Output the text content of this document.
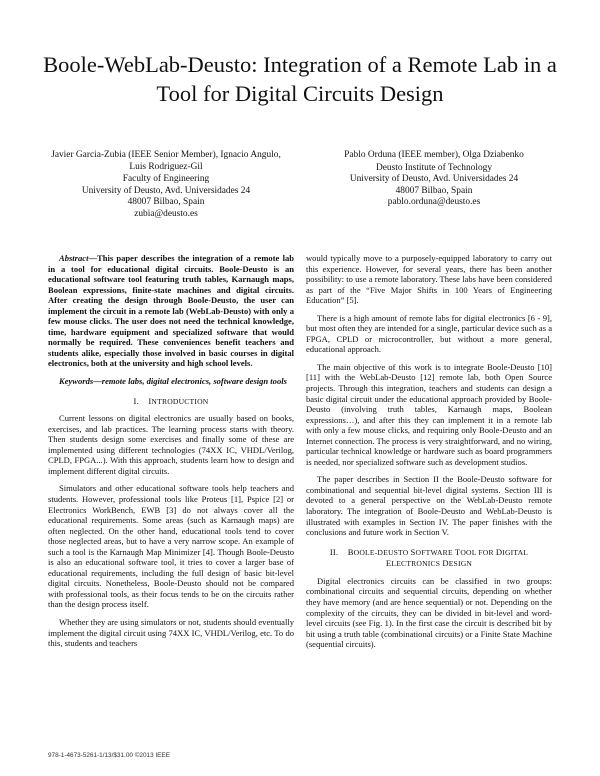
Boole-WebLab-Deusto: Integration of a Remote Lab in a Tool for Digital Circuits Design
Javier Garcia-Zubia (IEEE Senior Member), Ignacio Angulo, Luis Rodriguez-Gil
Faculty of Engineering
University of Deusto, Avd. Universidades 24
48007 Bilbao, Spain
zubia@deusto.es
Pablo Orduna (IEEE member), Olga Dziabenko
Deusto Institute of Technology
University of Deusto, Avd. Universidades 24
48007 Bilbao, Spain
pablo.orduna@deusto.es

Abstract—This paper describes the integration of a remote lab in a tool for educational digital circuits. Boole-Deusto is an educational software tool featuring truth tables, Karnaugh maps, Boolean expressions, finite-state machines and digital circuits. After creating the design through Boole-Deusto, the user can implement the circuit in a remote lab (WebLab-Deusto) with only a few mouse clicks. The user does not need the technical knowledge, time, hardware equipment and specialized software that would normally be required. These conveniences benefit teachers and students alike, especially those involved in basic courses in digital electronics, both at the university and high school levels.

Keywords—remote labs, digital electronics, software design tools

I. INTRODUCTION

Current lessons on digital electronics are usually based on books, exercises, and lab practices. The learning process starts with theory. Then students design some exercises and finally some of these are implemented using different technologies (74XX IC, VHDL/Verilog, CPLD, FPGA...). With this approach, students learn how to design and implement different digital circuits.

Simulators and other educational software tools help teachers and students. However, professional tools like Proteus [1], Pspice [2] or Electronics WorkBench, EWB [3] do not always cover all the educational requirements. Some areas (such as Karnaugh maps) are often neglected. On the other hand, educational tools tend to cover those neglected areas, but to have a very narrow scope. An example of such a tool is the Karnaugh Map Minimizer [4]. Though Boole-Deusto is also an educational software tool, it tries to cover a larger base of educational requirements, including the full design of basic bit-level digital circuits. Nonetheless, Boole-Deusto should not be compared with professional tools, as their focus tends to be on the circuits rather than the design process itself.

Whether they are using simulators or not, students should eventually implement the digital circuit using 74XX IC, VHDL/Verilog, etc. To do this, students and teachers

would typically move to a purposely-equipped laboratory to carry out this experience. However, for several years, there has been another possibility: to use a remote laboratory. These labs have been considered as part of the “Five Major Shifts in 100 Years of Engineering Education” [5].

There is a high amount of remote labs for digital electronics [6 - 9], but most often they are intended for a single, particular device such as a FPGA, CPLD or microcontroller, but without a more general, educational approach.

The main objective of this work is to integrate Boole-Deusto [10][11] with the WebLab-Deusto [12] remote lab, both Open Source projects. Through this integration, teachers and students can design a basic digital circuit under the educational approach provided by Boole-Deusto (involving truth tables, Karnaugh maps, Boolean expressions…), and after this they can implement it in a remote lab with only a few mouse clicks, and requiring only Boole-Deusto and an Internet connection. The process is very straightforward, and no wiring, particular technical knowledge or hardware such as board programmers is needed, nor specialized software such as development studios.

The paper describes in Section II the Boole-Deusto software for combinational and sequential bit-level digital systems. Section III is devoted to a general perspective on the WebLab-Deusto remote laboratory. The integration of Boole-Deusto and WebLab-Deusto is illustrated with examples in Section IV. The paper finishes with the conclusions and future work in Section V.

II. BOOLE-DEUSTO SOFTWARE TOOL FOR DIGITAL
ELECTRONICS DESIGN

Digital electronics circuits can be classified in two groups: combinational circuits and sequential circuits, depending on whether they have memory (and are hence sequential) or not. Depending on the complexity of the circuits, they can be divided in bit-level and word-level circuits (see Fig. 1). In the first case the circuit is described bit by bit using a truth table (combinational circuits) or a Finite State Machine (sequential circuits).

978-1-4673-5261-1/13/$31.00 ©2013 IEEE
